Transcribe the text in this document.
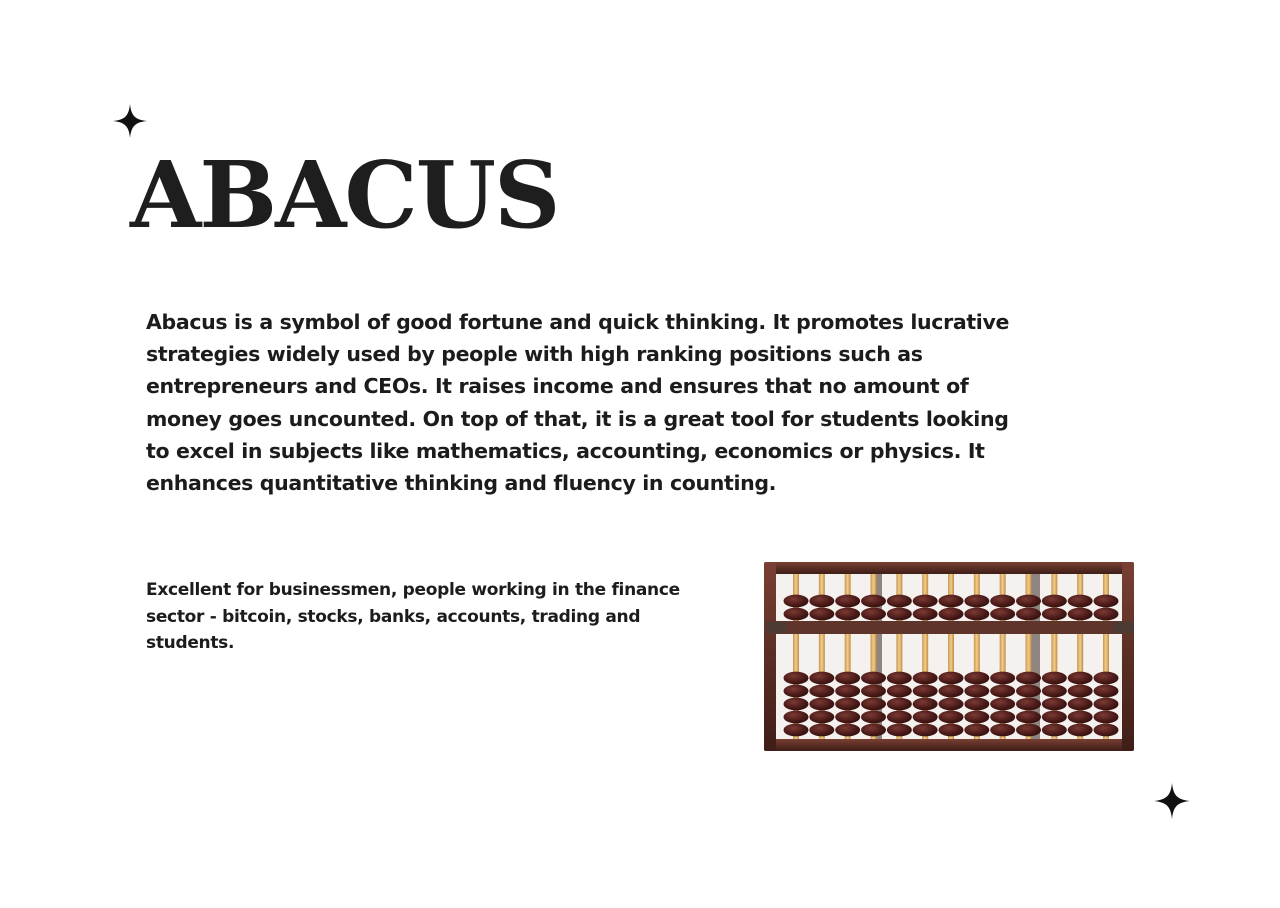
ABACUS

Abacus is a symbol of good fortune and quick thinking. It promotes lucrative strategies widely used by people with high ranking positions such as entrepreneurs and CEOs. It raises income and ensures that no amount of money goes uncounted. On top of that, it is a great tool for students looking to excel in subjects like mathematics, accounting, economics or physics. It enhances quantitative thinking and fluency in counting.

Excellent for businessmen, people working in the finance sector - bitcoin, stocks, banks, accounts, trading and students.
